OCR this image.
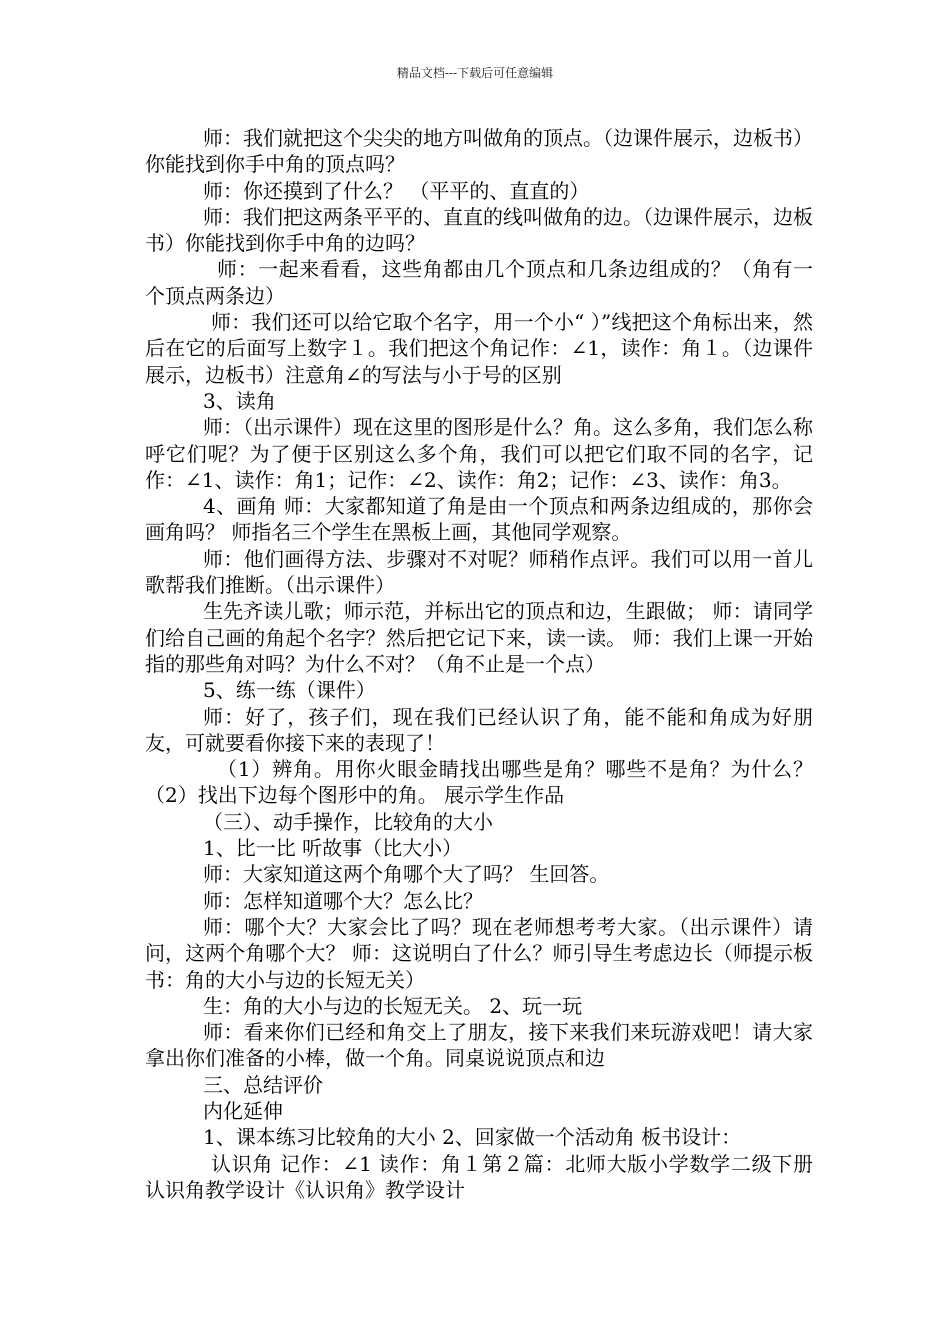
精品文档---下载后可任意编辑

师：我们就把这个尖尖的地方叫做角的顶点。（边课件展示，边板书）你能找到你手中角的顶点吗？

师：你还摸到了什么？ （平平的、直直的）

师：我们把这两条平平的、直直的线叫做角的边。（边课件展示，边板书）你能找到你手中角的边吗？

师：一起来看看，这些角都由几个顶点和几条边组成的？（角有一个顶点两条边）

师：我们还可以给它取个名字，用一个小“ ）”线把这个角标出来，然后在它的后面写上数字１。我们把这个角记作：∠1，读作：角１。（边课件展示，边板书）注意角∠的写法与小于号的区别

3、读角

师：（出示课件）现在这里的图形是什么？角。这么多角，我们怎么称呼它们呢？为了便于区别这么多个角，我们可以把它们取不同的名字，记作：∠1、读作：角1；记作：∠2、读作：角2；记作：∠3、读作：角3。

4、画角 师：大家都知道了角是由一个顶点和两条边组成的，那你会画角吗？ 师指名三个学生在黑板上画，其他同学观察。

师：他们画得方法、步骤对不对呢？师稍作点评。我们可以用一首儿歌帮我们推断。（出示课件）

生先齐读儿歌；师示范，并标出它的顶点和边，生跟做； 师：请同学们给自己画的角起个名字？然后把它记下来，读一读。 师：我们上课一开始指的那些角对吗？为什么不对？（角不止是一个点）

5、练一练（课件）

师：好了，孩子们，现在我们已经认识了角，能不能和角成为好朋友，可就要看你接下来的表现了！

（1）辨角。用你火眼金睛找出哪些是角？哪些不是角？为什么？ （2）找出下边每个图形中的角。 展示学生作品

（三）、动手操作，比较角的大小

1、比一比 听故事（比大小）

师：大家知道这两个角哪个大了吗？ 生回答。

师：怎样知道哪个大？怎么比？

师：哪个大？大家会比了吗？现在老师想考考大家。（出示课件）请问，这两个角哪个大？ 师：这说明白了什么？师引导生考虑边长（师提示板书：角的大小与边的长短无关）

生：角的大小与边的长短无关。 2、玩一玩

师：看来你们已经和角交上了朋友，接下来我们来玩游戏吧！请大家拿出你们准备的小棒，做一个角。同桌说说顶点和边

三、总结评价

内化延伸

1、课本练习比较角的大小 2、回家做一个活动角 板书设计：

认识角 记作：∠1 读作：角１第２篇：北师大版小学数学二级下册认识角教学设计《认识角》教学设计
